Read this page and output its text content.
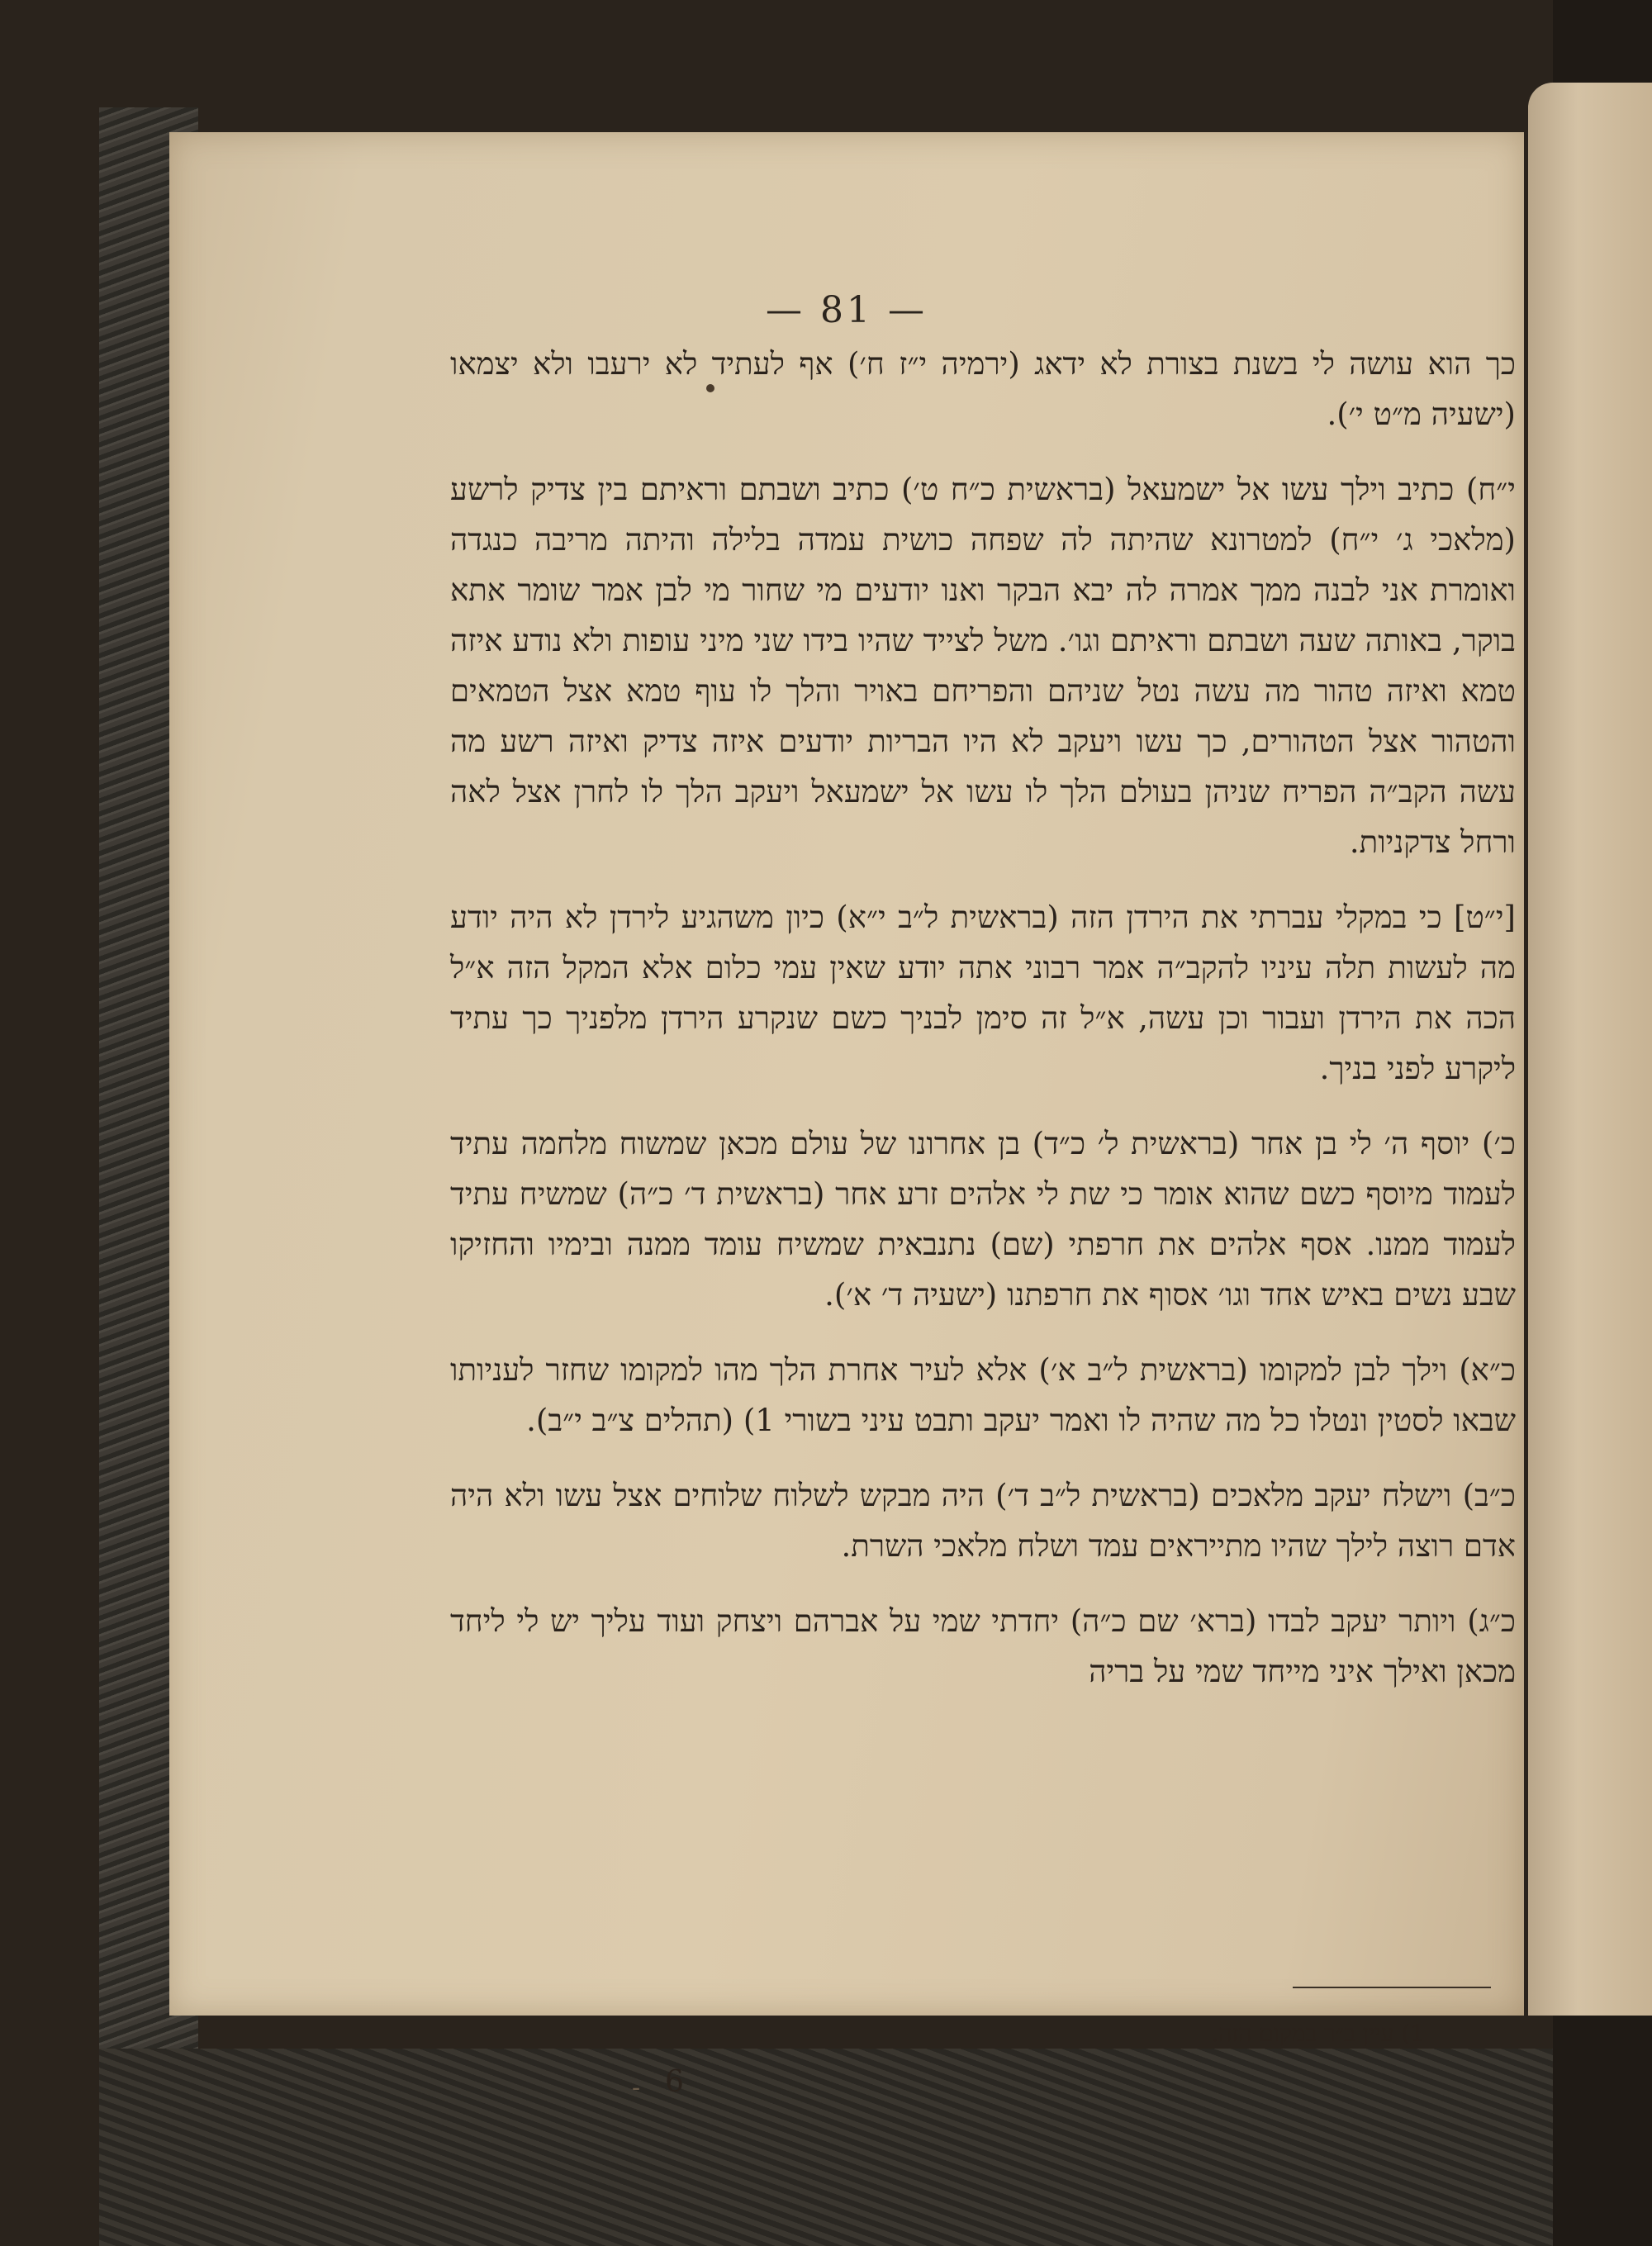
— 81 —

כך הוא עושה לי בשנת בצורת לא ידאג (ירמיה י״ז ח׳) אף לעתיד לא ירעבו ולא יצמאו (ישעיה מ״ט י׳).

י״ח) כתיב וילך עשו אל ישמעאל (בראשית כ״ח ט׳) כתיב ושבתם וראיתם בין צדיק לרשע (מלאכי ג׳ י״ח) למטרונא שהיתה לה שפחה כושית עמדה בלילה והיתה מריבה כנגדה ואומרת אני לבנה ממך אמרה לה יבא הבקר ואנו יודעים מי שחור מי לבן אמר שומר אתא בוקר, באותה שעה ושבתם וראיתם וגו׳. משל לצייד שהיו בידו שני מיני עופות ולא נודע איזה טמא ואיזה טהור מה עשה נטל שניהם והפריחם באויר והלך לו עוף טמא אצל הטמאים והטהור אצל הטהורים, כך עשו ויעקב לא היו הבריות יודעים איזה צדיק ואיזה רשע מה עשה הקב״ה הפריח שניהן בעולם הלך לו עשו אל ישמעאל ויעקב הלך לו לחרן אצל לאה ורחל צדקניות.

[י״ט] כי במקלי עברתי את הירדן הזה (בראשית ל״ב י״א) כיון משהגיע לירדן לא היה יודע מה לעשות תלה עיניו להקב״ה אמר רבוני אתה יודע שאין עמי כלום אלא המקל הזה א״ל הכה את הירדן ועבור וכן עשה, א״ל זה סימן לבניך כשם שנקרע הירדן מלפניך כך עתיד ליקרע לפני בניך.

כ׳) יוסף ה׳ לי בן אחר (בראשית ל׳ כ״ד) בן אחרונו של עולם מכאן שמשוח מלחמה עתיד לעמוד מיוסף כשם שהוא אומר כי שת לי אלהים זרע אחר (בראשית ד׳ כ״ה) שמשיח עתיד לעמוד ממנו. אסף אלהים את חרפתי (שם) נתנבאית שמשיח עומד ממנה ובימיו והחזיקו שבע נשים באיש אחד וגו׳ אסוף את חרפתנו (ישעיה ד׳ א׳).

כ״א) וילך לבן למקומו (בראשית ל״ב א׳) אלא לעיר אחרת הלך מהו למקומו שחזר לעניותו שבאו לסטין ונטלו כל מה שהיה לו ואמר יעקב ותבט עיני בשורי 1) (תהלים צ״ב י״ב).

כ״ב) וישלח יעקב מלאכים (בראשית ל״ב ד׳) היה מבקש לשלוח שלוחים אצל עשו ולא היה אדם רוצה לילך שהיו מתייראים עמד ושלח מלאכי השרת.

כ״ג) ויותר יעקב לבדו (ברא׳ שם כ״ה) יחדתי שמי על אברהם ויצחק ועוד עליך יש לי ליחד מכאן ואילך איני מייחד שמי על בריה

1) עיין ב״ר במקום הזה.
- 6
